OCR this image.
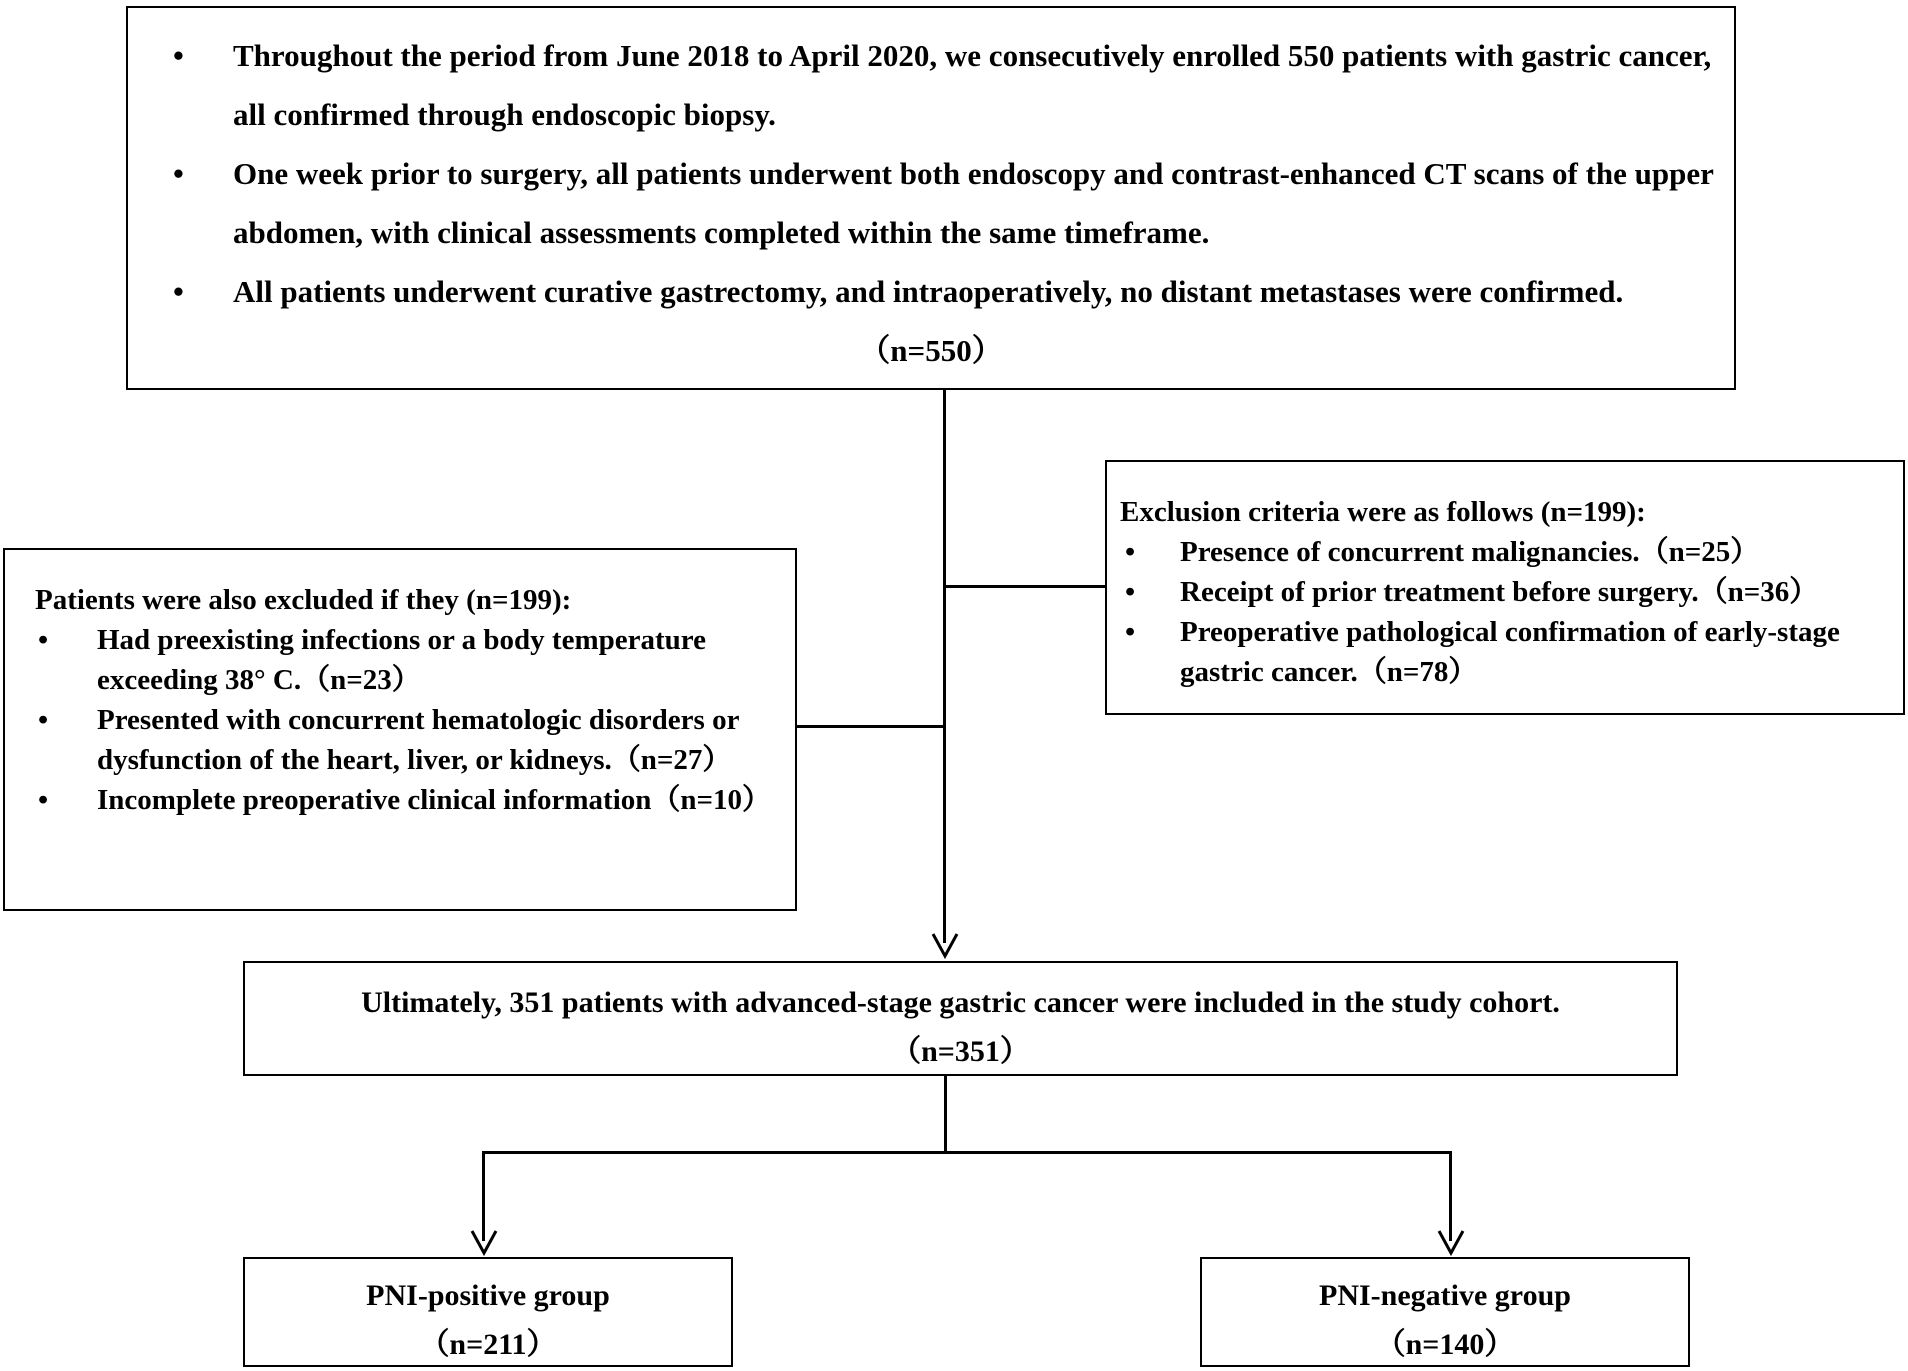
• Throughout the period from June 2018 to April 2020, we consecutively enrolled 550 patients with gastric cancer, all confirmed through endoscopic biopsy.
• One week prior to surgery, all patients underwent both endoscopy and contrast-enhanced CT scans of the upper abdomen, with clinical assessments completed within the same timeframe.
• All patients underwent curative gastrectomy, and intraoperatively, no distant metastases were confirmed.
（n=550）
Exclusion criteria were as follows (n=199):
• Presence of concurrent malignancies.（n=25）
• Receipt of prior treatment before surgery.（n=36）
• Preoperative pathological confirmation of early-stage gastric cancer.（n=78）
Patients were also excluded if they (n=199):
• Had preexisting infections or a body temperature exceeding 38° C.（n=23）
• Presented with concurrent hematologic disorders or dysfunction of the heart, liver, or kidneys.（n=27）
• Incomplete preoperative clinical information（n=10）
Ultimately, 351 patients with advanced-stage gastric cancer were included in the study cohort.
（n=351）
PNI-positive group
（n=211）
PNI-negative group
（n=140）
